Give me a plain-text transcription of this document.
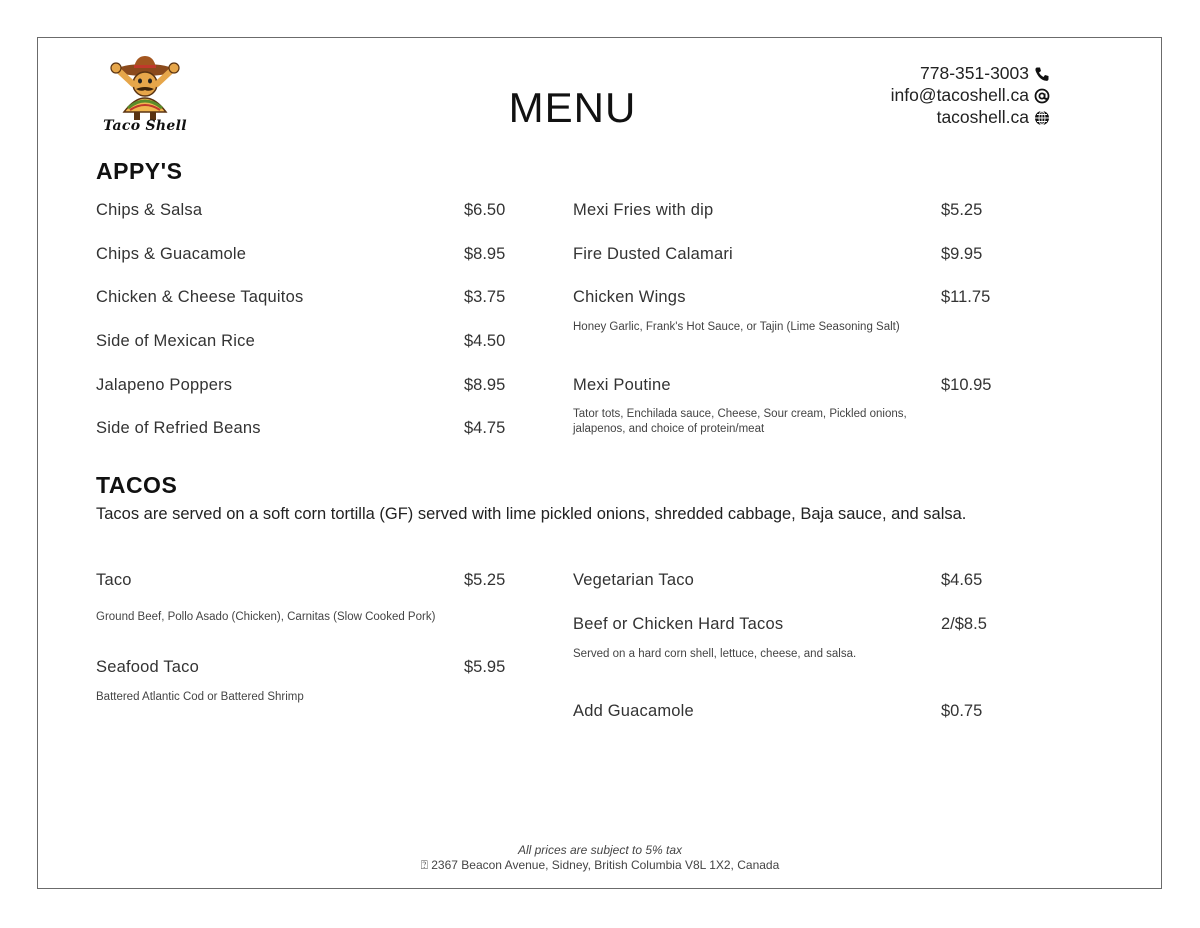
Taco Shell	MENU
778-351-3003
info@tacoshell.ca
tacoshell.ca
APPY'S
Chips & Salsa	$6.50
Chips & Guacamole	$8.95
Chicken & Cheese Taquitos	$3.75
Side of Mexican Rice	$4.50
Jalapeno Poppers	$8.95
Side of Refried Beans	$4.75
Mexi Fries with dip	$5.25
Fire Dusted Calamari	$9.95
Chicken Wings	$11.75
Honey Garlic, Frank's Hot Sauce, or Tajin (Lime Seasoning Salt)
Mexi Poutine	$10.95
Tator tots, Enchilada sauce, Cheese, Sour cream, Pickled onions, jalapenos, and choice of protein/meat
TACOS
Tacos are served on a soft corn tortilla (GF) served with lime pickled onions, shredded cabbage, Baja sauce, and salsa.
Taco	$5.25
Ground Beef, Pollo Asado (Chicken), Carnitas (Slow Cooked Pork)
Seafood Taco	$5.95
Battered Atlantic Cod or Battered Shrimp
Vegetarian Taco	$4.65
Beef or Chicken Hard Tacos	2/$8.5
Served on a hard corn shell, lettuce, cheese, and salsa.
Add Guacamole	$0.75
All prices are subject to 5% tax
⍰ 2367 Beacon Avenue, Sidney, British Columbia V8L 1X2, Canada
